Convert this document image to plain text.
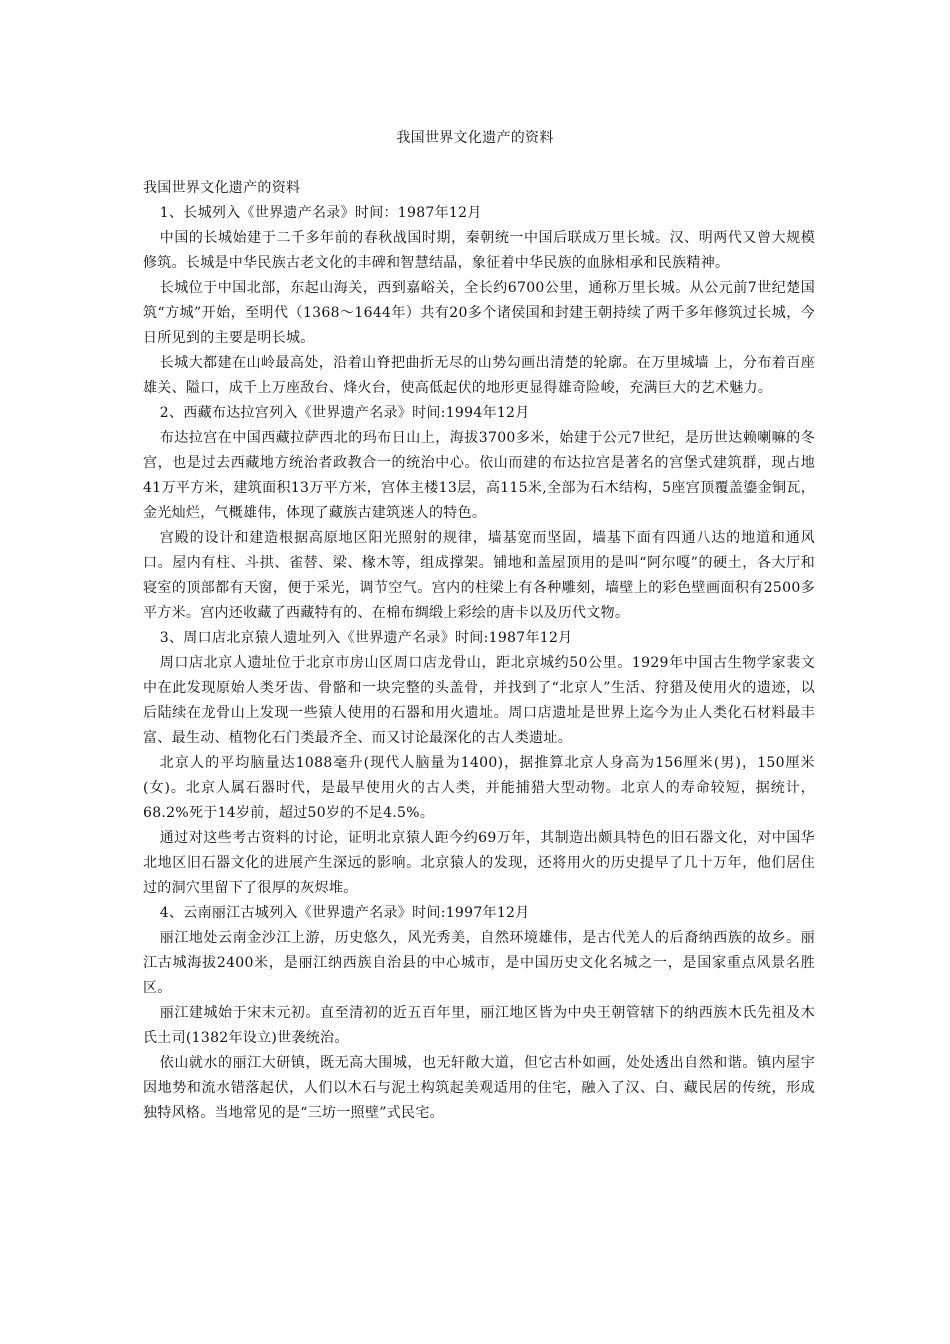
我国世界文化遗产的资料

我国世界文化遗产的资料

1、长城列入《世界遗产名录》时间：1987年12月

中国的长城始建于二千多年前的春秋战国时期，秦朝统一中国后联成万里长城。汉、明两代又曾大规模修筑。长城是中华民族古老文化的丰碑和智慧结晶，象征着中华民族的血脉相承和民族精神。

长城位于中国北部，东起山海关，西到嘉峪关，全长约6700公里，通称万里长城。从公元前7世纪楚国筑“方城”开始，至明代（1368～1644年）共有20多个诸侯国和封建王朝持续了两千多年修筑过长城，今日所见到的主要是明长城。

长城大都建在山岭最高处，沿着山脊把曲折无尽的山势勾画出清楚的轮廓。在万里城墙 上，分布着百座雄关、隘口，成千上万座敌台、烽火台，使高低起伏的地形更显得雄奇险峻，充满巨大的艺术魅力。

2、西藏布达拉宫列入《世界遗产名录》时间:1994年12月

布达拉宫在中国西藏拉萨西北的玛布日山上，海拔3700多米，始建于公元7世纪，是历世达赖喇嘛的冬宫，也是过去西藏地方统治者政教合一的统治中心。依山而建的布达拉宫是著名的宫堡式建筑群，现占地41万平方米，建筑面积13万平方米，宫体主楼13层，高115米,全部为石木结构，5座宫顶覆盖鎏金铜瓦，金光灿烂，气概雄伟，体现了藏族古建筑迷人的特色。

宫殿的设计和建造根据高原地区阳光照射的规律，墙基宽而坚固，墙基下面有四通八达的地道和通风口。屋内有柱、斗拱、雀替、梁、椽木等，组成撑架。铺地和盖屋顶用的是叫“阿尔嘎”的硬土，各大厅和寝室的顶部都有天窗，便于采光，调节空气。宫内的柱梁上有各种雕刻，墙壁上的彩色壁画面积有2500多平方米。宫内还收藏了西藏特有的、在棉布绸缎上彩绘的唐卡以及历代文物。

3、周口店北京猿人遗址列入《世界遗产名录》时间:1987年12月

周口店北京人遗址位于北京市房山区周口店龙骨山，距北京城约50公里。1929年中国古生物学家裴文中在此发现原始人类牙齿、骨骼和一块完整的头盖骨，并找到了“北京人”生活、狩猎及使用火的遗迹，以后陆续在龙骨山上发现一些猿人使用的石器和用火遗址。周口店遗址是世界上迄今为止人类化石材料最丰富、最生动、植物化石门类最齐全、而又讨论最深化的古人类遗址。

北京人的平均脑量达1088毫升(现代人脑量为1400)，据推算北京人身高为156厘米(男)，150厘米(女)。北京人属石器时代，是最早使用火的古人类，并能捕猎大型动物。北京人的寿命较短，据统计，68.2%死于14岁前，超过50岁的不足4.5%。

通过对这些考古资料的讨论，证明北京猿人距今约69万年，其制造出颇具特色的旧石器文化，对中国华北地区旧石器文化的进展产生深远的影响。北京猿人的发现，还将用火的历史提早了几十万年，他们居住过的洞穴里留下了很厚的灰烬堆。

4、云南丽江古城列入《世界遗产名录》时间:1997年12月

丽江地处云南金沙江上游，历史悠久，风光秀美，自然环境雄伟，是古代羌人的后裔纳西族的故乡。丽江古城海拔2400米，是丽江纳西族自治县的中心城市，是中国历史文化名城之一，是国家重点风景名胜区。

丽江建城始于宋末元初。直至清初的近五百年里，丽江地区皆为中央王朝管辖下的纳西族木氏先祖及木氏土司(1382年设立)世袭统治。

依山就水的丽江大研镇，既无高大围城，也无轩敞大道，但它古朴如画，处处透出自然和谐。镇内屋宇因地势和流水错落起伏，人们以木石与泥土构筑起美观适用的住宅，融入了汉、白、藏民居的传统，形成独特风格。当地常见的是“三坊一照壁”式民宅。
